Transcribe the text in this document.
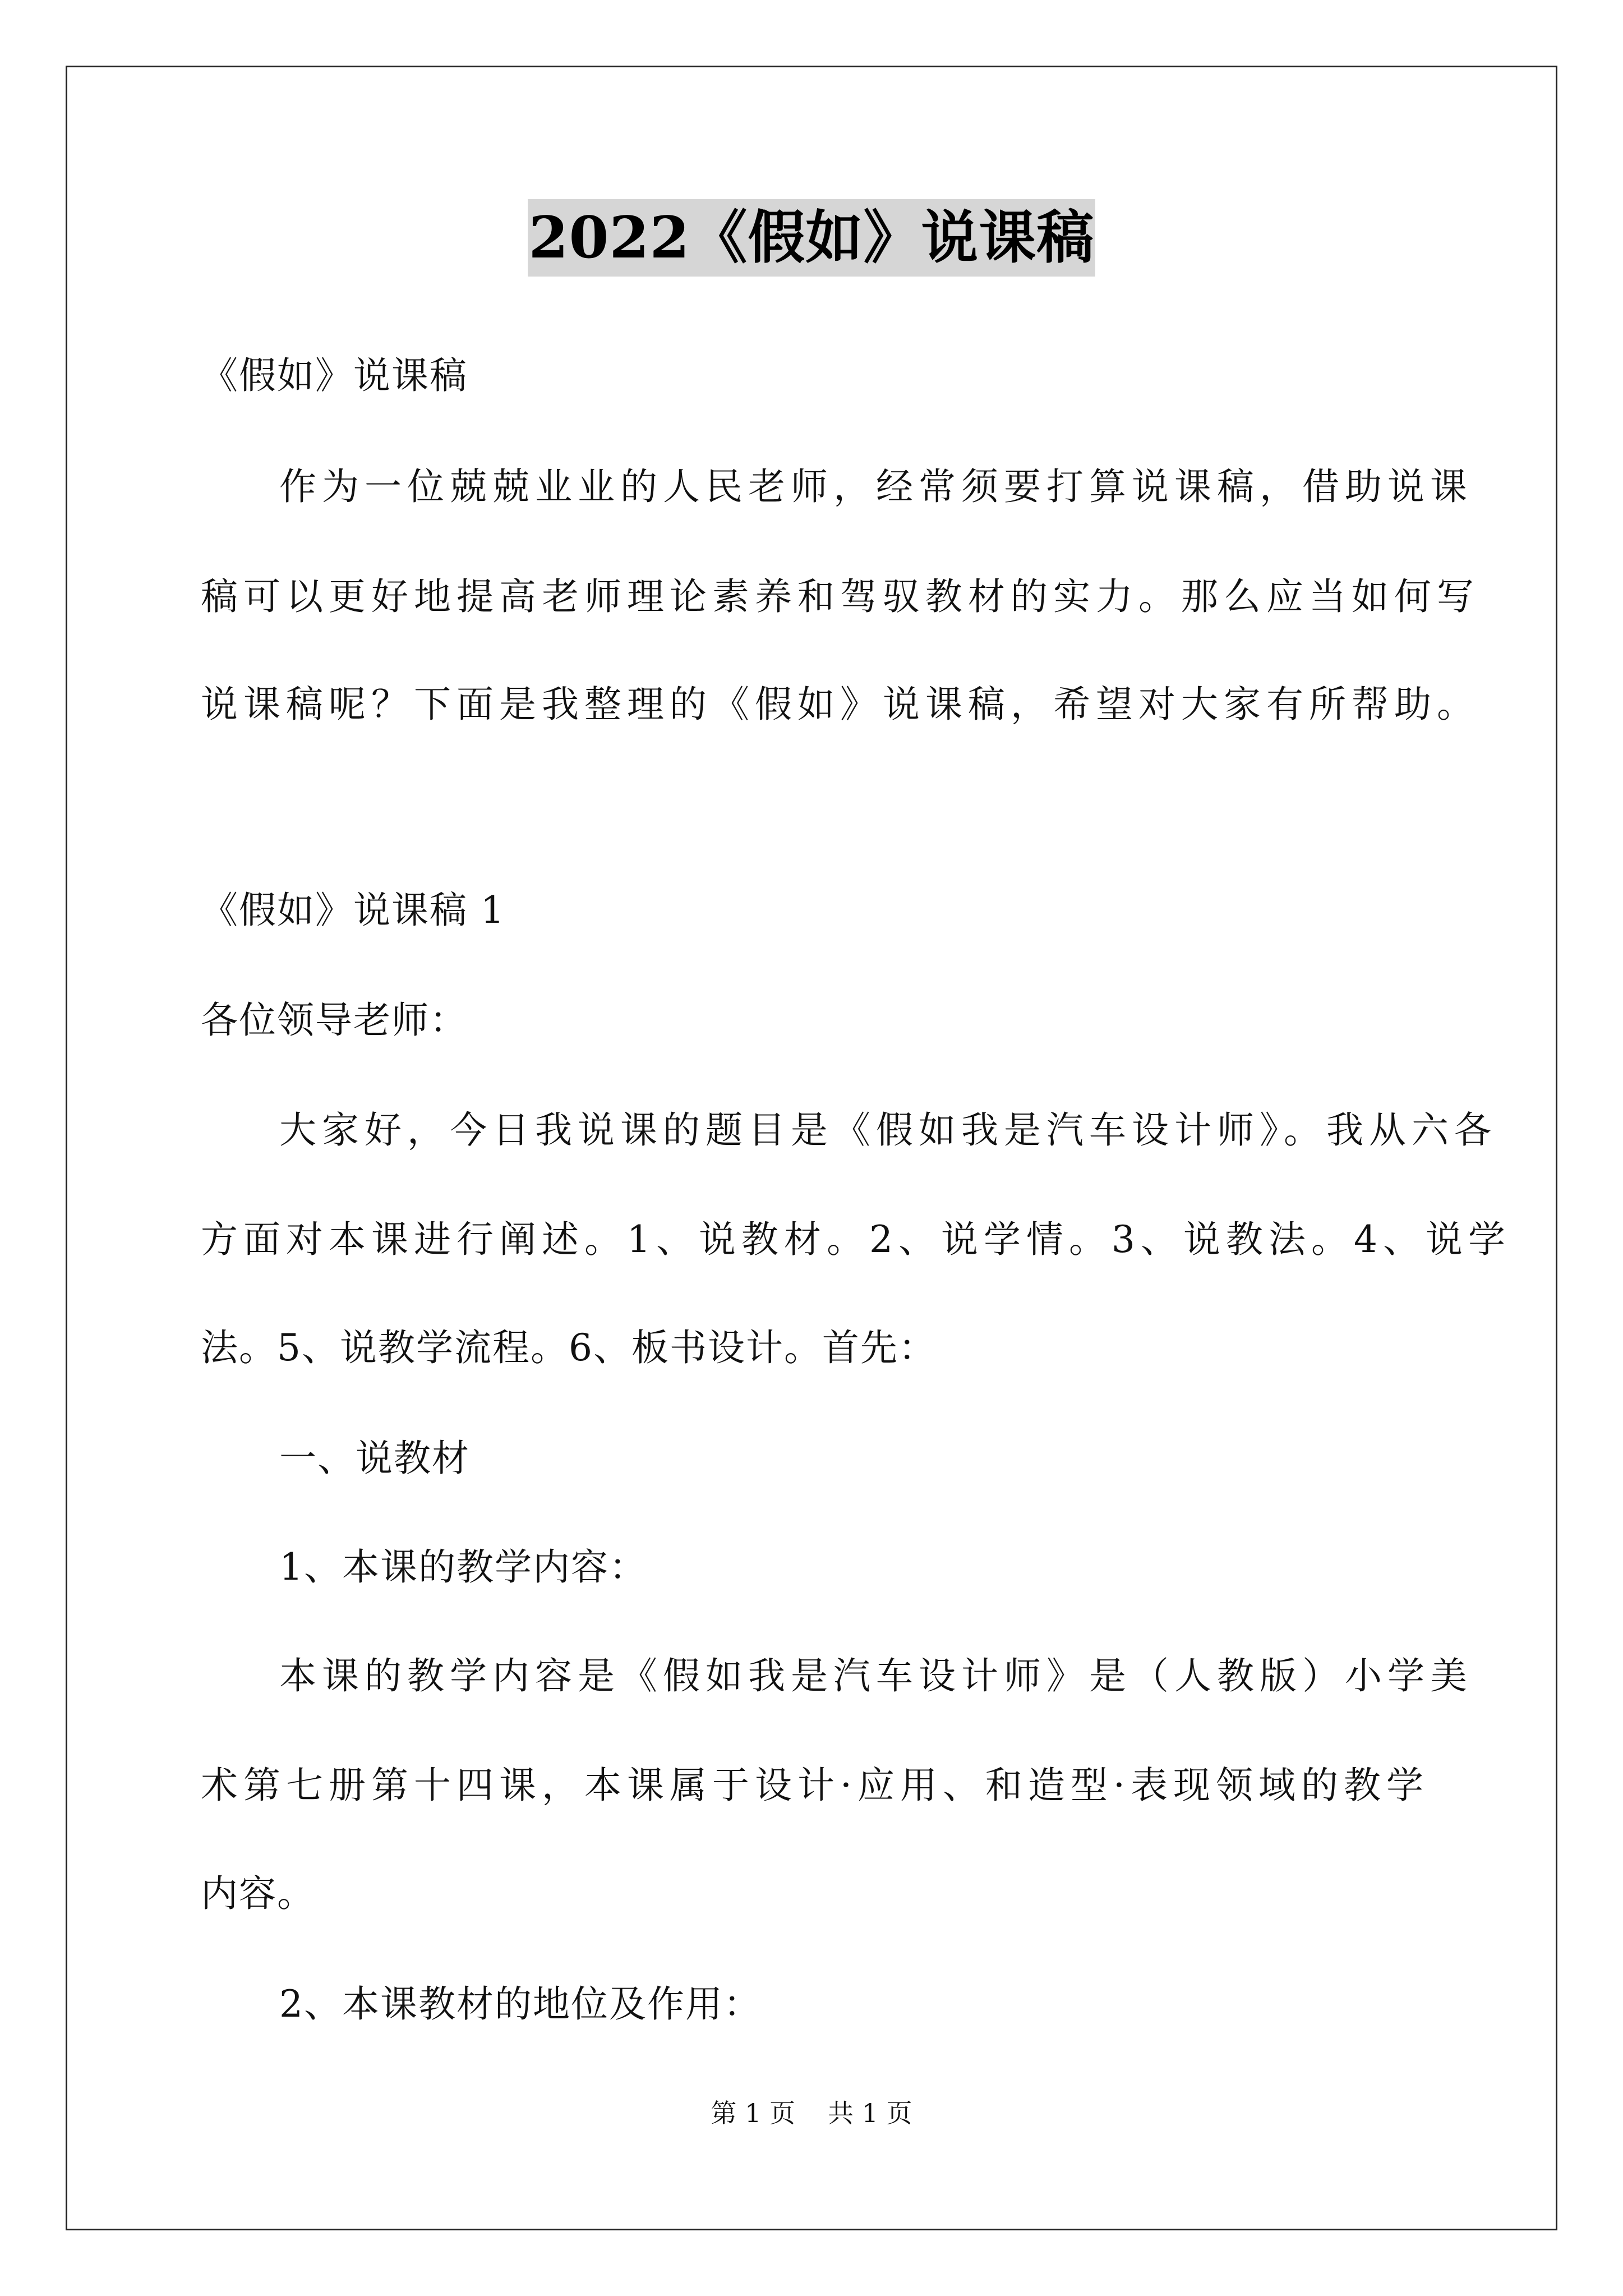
2022《假如》说课稿

《假如》说课稿

作为一位兢兢业业的人民老师，经常须要打算说课稿，借助说课

稿可以更好地提高老师理论素养和驾驭教材的实力。那么应当如何写

说课稿呢？下面是我整理的《假如》说课稿，希望对大家有所帮助。

《假如》说课稿 1

各位领导老师：

大家好，今日我说课的题目是《假如我是汽车设计师》。我从六各

方面对本课进行阐述。1、说教材。2、说学情。3、说教法。4、说学

法。5、说教学流程。6、板书设计。首先：

一、说教材

1、本课的教学内容：

本课的教学内容是《假如我是汽车设计师》是（人教版）小学美

术第七册第十四课，本课属于设计·应用、和造型·表现领域的教学

内容。

2、本课教材的地位及作用：

第 1 页 共 1 页
